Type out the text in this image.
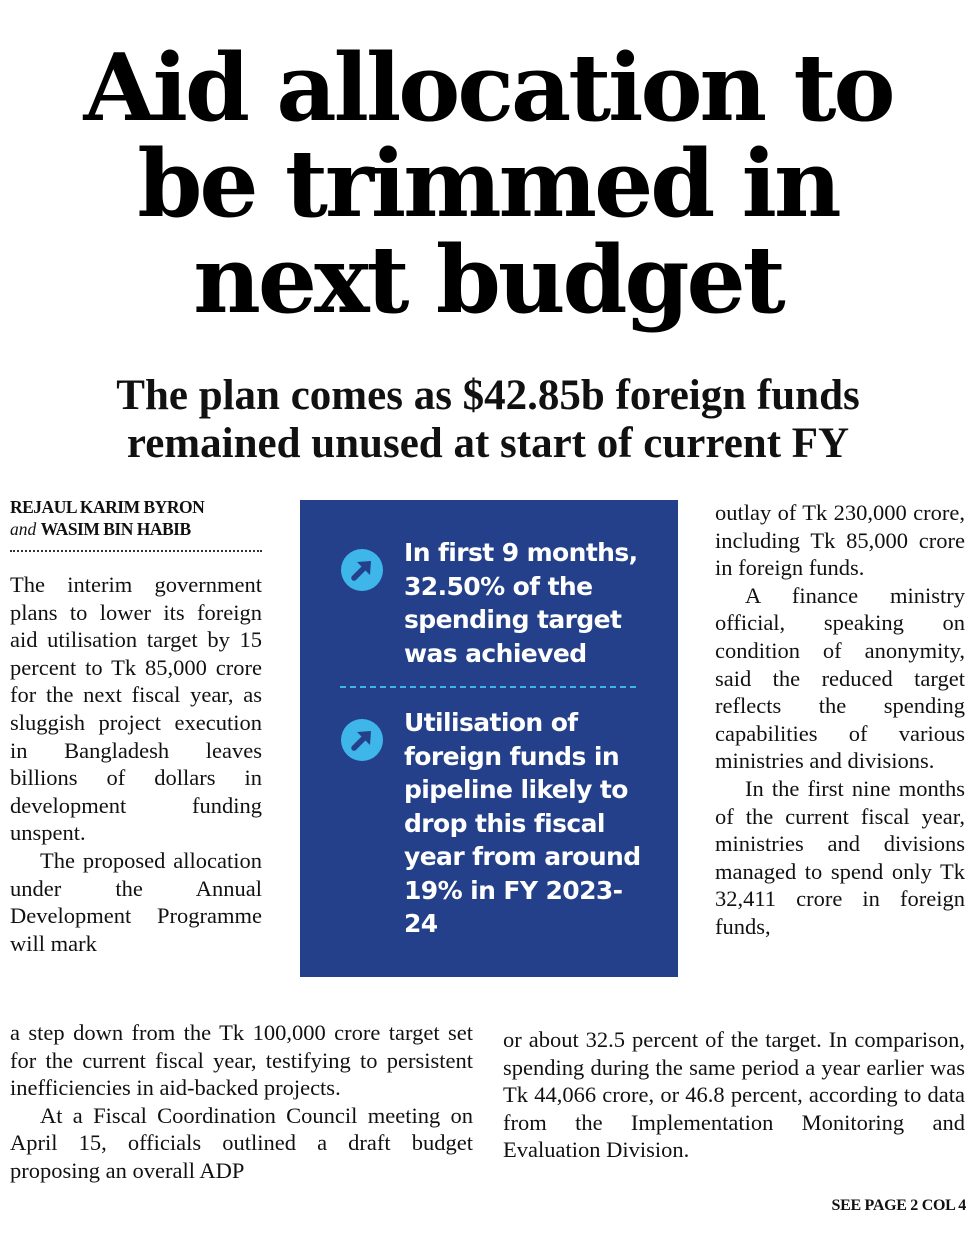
Aid allocation to
be trimmed in
next budget
The plan comes as $42.85b foreign funds
remained unused at start of current FY
REJAUL KARIM BYRON
and WASIM BIN HABIB

The interim government plans to lower its foreign aid utilisation target by 15 percent to Tk 85,000 crore for the next fiscal year, as sluggish project execution in Bangladesh leaves billions of dollars in development funding unspent.

The proposed allocation under the Annual Development Programme will mark

a step down from the Tk 100,000 crore target set for the current fiscal year, testifying to persistent inefficiencies in aid-backed projects.

At a Fiscal Coordination Council meeting on April 15, officials outlined a draft budget proposing an overall ADP

In first 9 months, 32.50% of the spending target was achieved
Utilisation of foreign funds in pipeline likely to drop this fiscal year from around 19% in FY 2023-24

outlay of Tk 230,000 crore, including Tk 85,000 crore in foreign funds.

A finance ministry official, speaking on condition of anonymity, said the reduced target reflects the spending capabilities of various ministries and divisions.

In the first nine months of the current fiscal year, ministries and divisions managed to spend only Tk 32,411 crore in foreign funds,

or about 32.5 percent of the target. In comparison, spending during the same period a year earlier was Tk 44,066 crore, or 46.8 percent, according to data from the Implementation Monitoring and Evaluation Division.

SEE PAGE 2 COL 4
